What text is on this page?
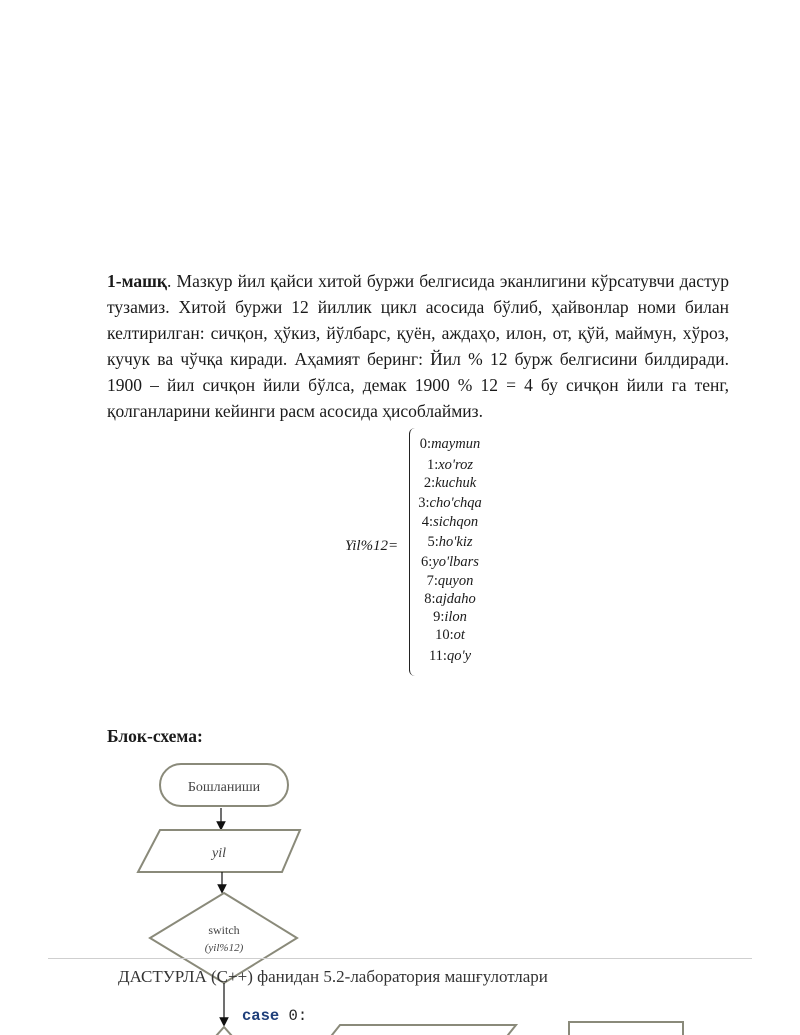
1-машқ. Мазкур йил қайси хитой буржи белгисида эканлигини кўрсатувчи дастур тузамиз. Хитой буржи 12 йиллик цикл асосида бўлиб, ҳайвонлар номи билан келтирилган: сичқон, ҳўкиз, йўлбарс, қуён, аждаҳо, илон, от, қўй, маймун, хўроз, кучук ва чўчқа киради. Аҳамият беринг: Йил % 12 бурж белгисини билдиради. 1900 – йил сичқон йили бўлса, демак 1900 % 12 = 4 бу сичқон йили га тенг, қолганларини кейинги расм асосида ҳисоблаймиз.

Yil%12=
0:maymun
1:xo'roz
2:kuchuk
3:cho'chqa
4:sichqon
5:ho'kiz
6:yo'lbars
7:quyon
8:ajdaho
9:ilon
10:ot
11:qo'y
Блок-схема:
Бошланиши
yil
switch
(yil%12)
ДАСТУРЛА (C++) фанидан 5.2-лаборатория машғулотлари
case 0:
